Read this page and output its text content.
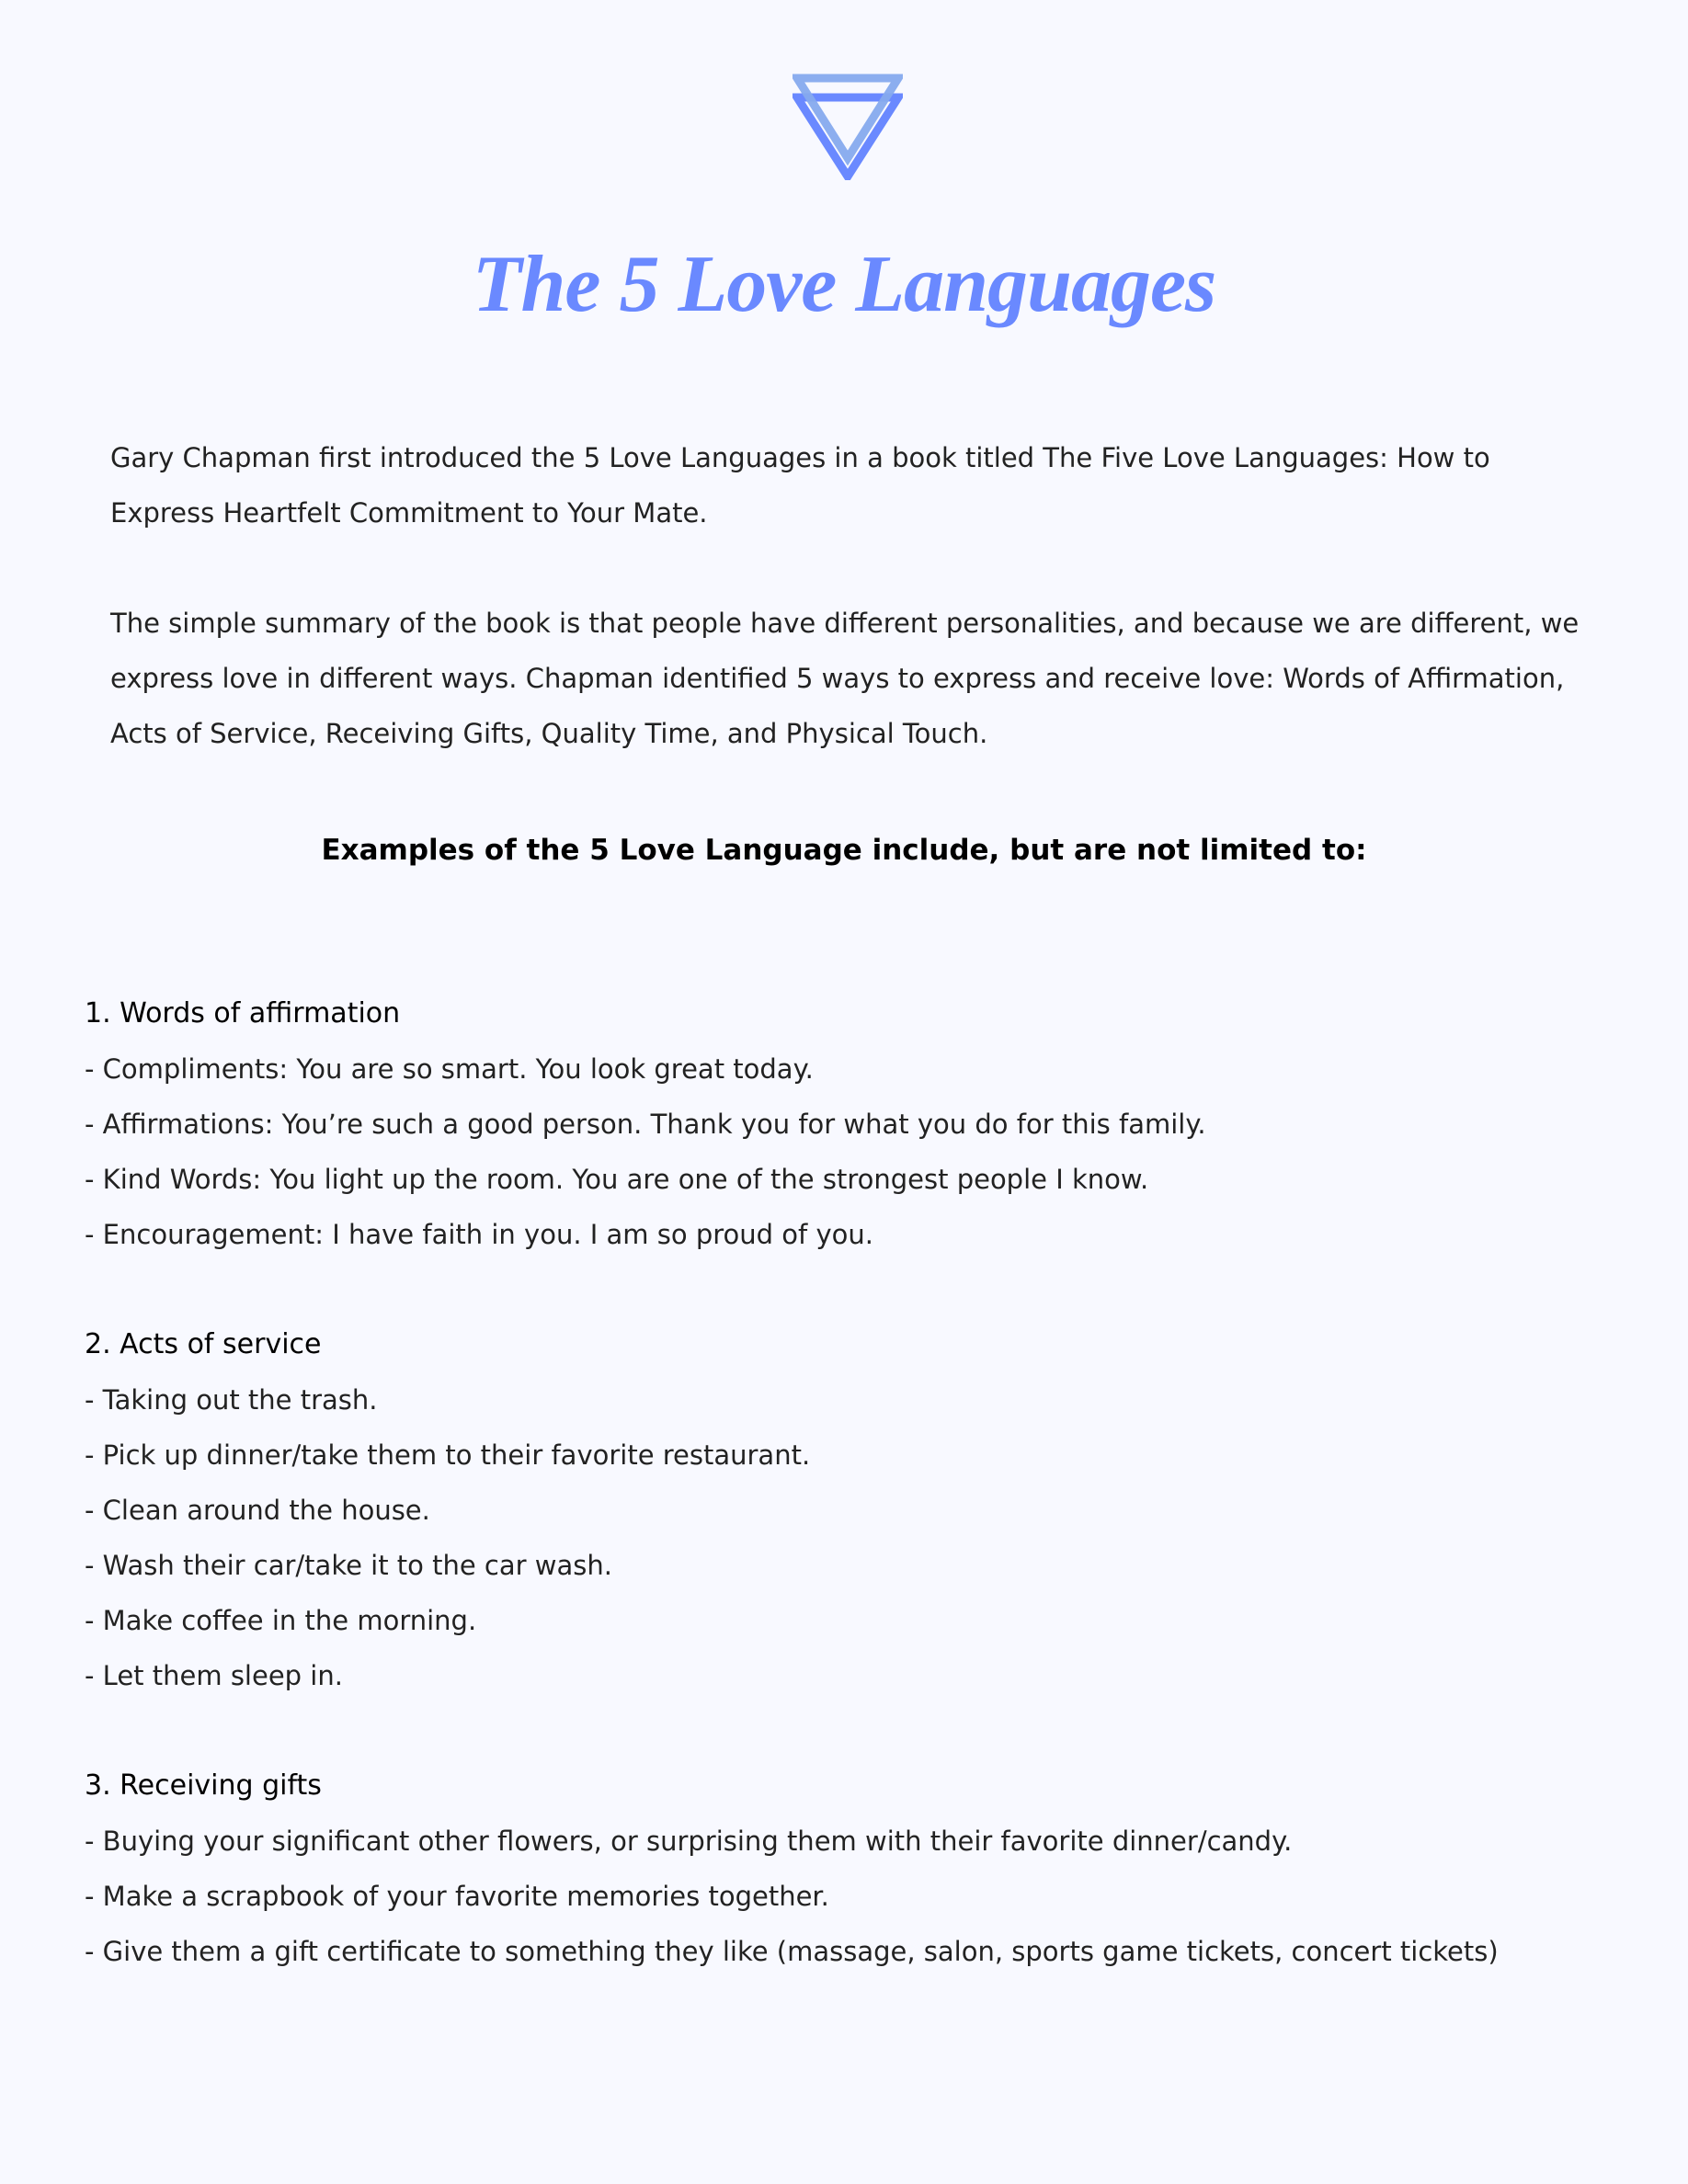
The 5 Love Languages

Gary Chapman first introduced the 5 Love Languages in a book titled The Five Love Languages: How to Express Heartfelt Commitment to Your Mate.

The simple summary of the book is that people have different personalities, and because we are different, we express love in different ways. Chapman identified 5 ways to express and receive love: Words of Affirmation, Acts of Service, Receiving Gifts, Quality Time, and Physical Touch.

Examples of the 5 Love Language include, but are not limited to:
1. Words of affirmation
- Compliments: You are so smart. You look great today.
- Affirmations: You’re such a good person. Thank you for what you do for this family.
- Kind Words: You light up the room. You are one of the strongest people I know.
- Encouragement: I have faith in you. I am so proud of you.
2. Acts of service
- Taking out the trash.
- Pick up dinner/take them to their favorite restaurant.
- Clean around the house.
- Wash their car/take it to the car wash.
- Make coffee in the morning.
- Let them sleep in.
3. Receiving gifts
- Buying your significant other flowers, or surprising them with their favorite dinner/candy.
- Make a scrapbook of your favorite memories together.
- Give them a gift certificate to something they like (massage, salon, sports game tickets, concert tickets)
